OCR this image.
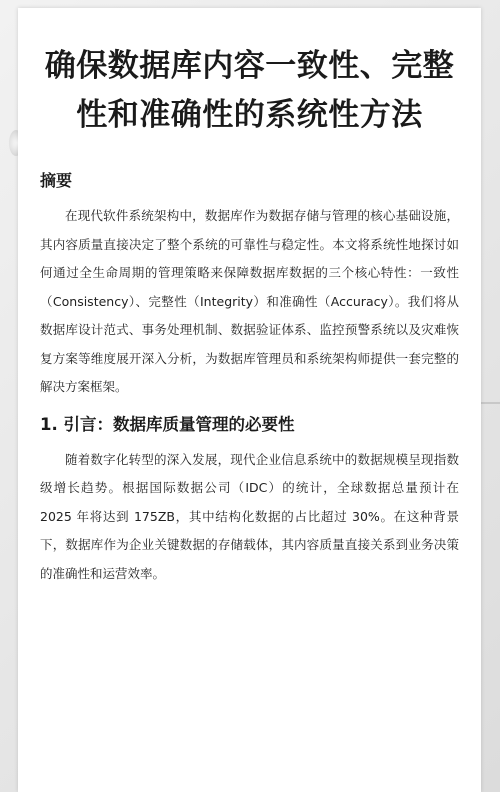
确保数据库内容一致性、完整性和准确性的系统性方法
摘要

在现代软件系统架构中，数据库作为数据存储与管理的核心基础设施，其内容质量直接决定了整个系统的可靠性与稳定性。本文将系统性地探讨如何通过全生命周期的管理策略来保障数据库数据的三个核心特性：一致性（Consistency）、完整性（Integrity）和准确性（Accuracy）。我们将从数据库设计范式、事务处理机制、数据验证体系、监控预警系统以及灾难恢复方案等维度展开深入分析，为数据库管理员和系统架构师提供一套完整的解决方案框架。

1. 引言：数据库质量管理的必要性

随着数字化转型的深入发展，现代企业信息系统中的数据规模呈现指数级增长趋势。根据国际数据公司（IDC）的统计，全球数据总量预计在 2025 年将达到 175ZB，其中结构化数据的占比超过 30%。在这种背景下，数据库作为企业关键数据的存储载体，其内容质量直接关系到业务决策的准确性和运营效率。
